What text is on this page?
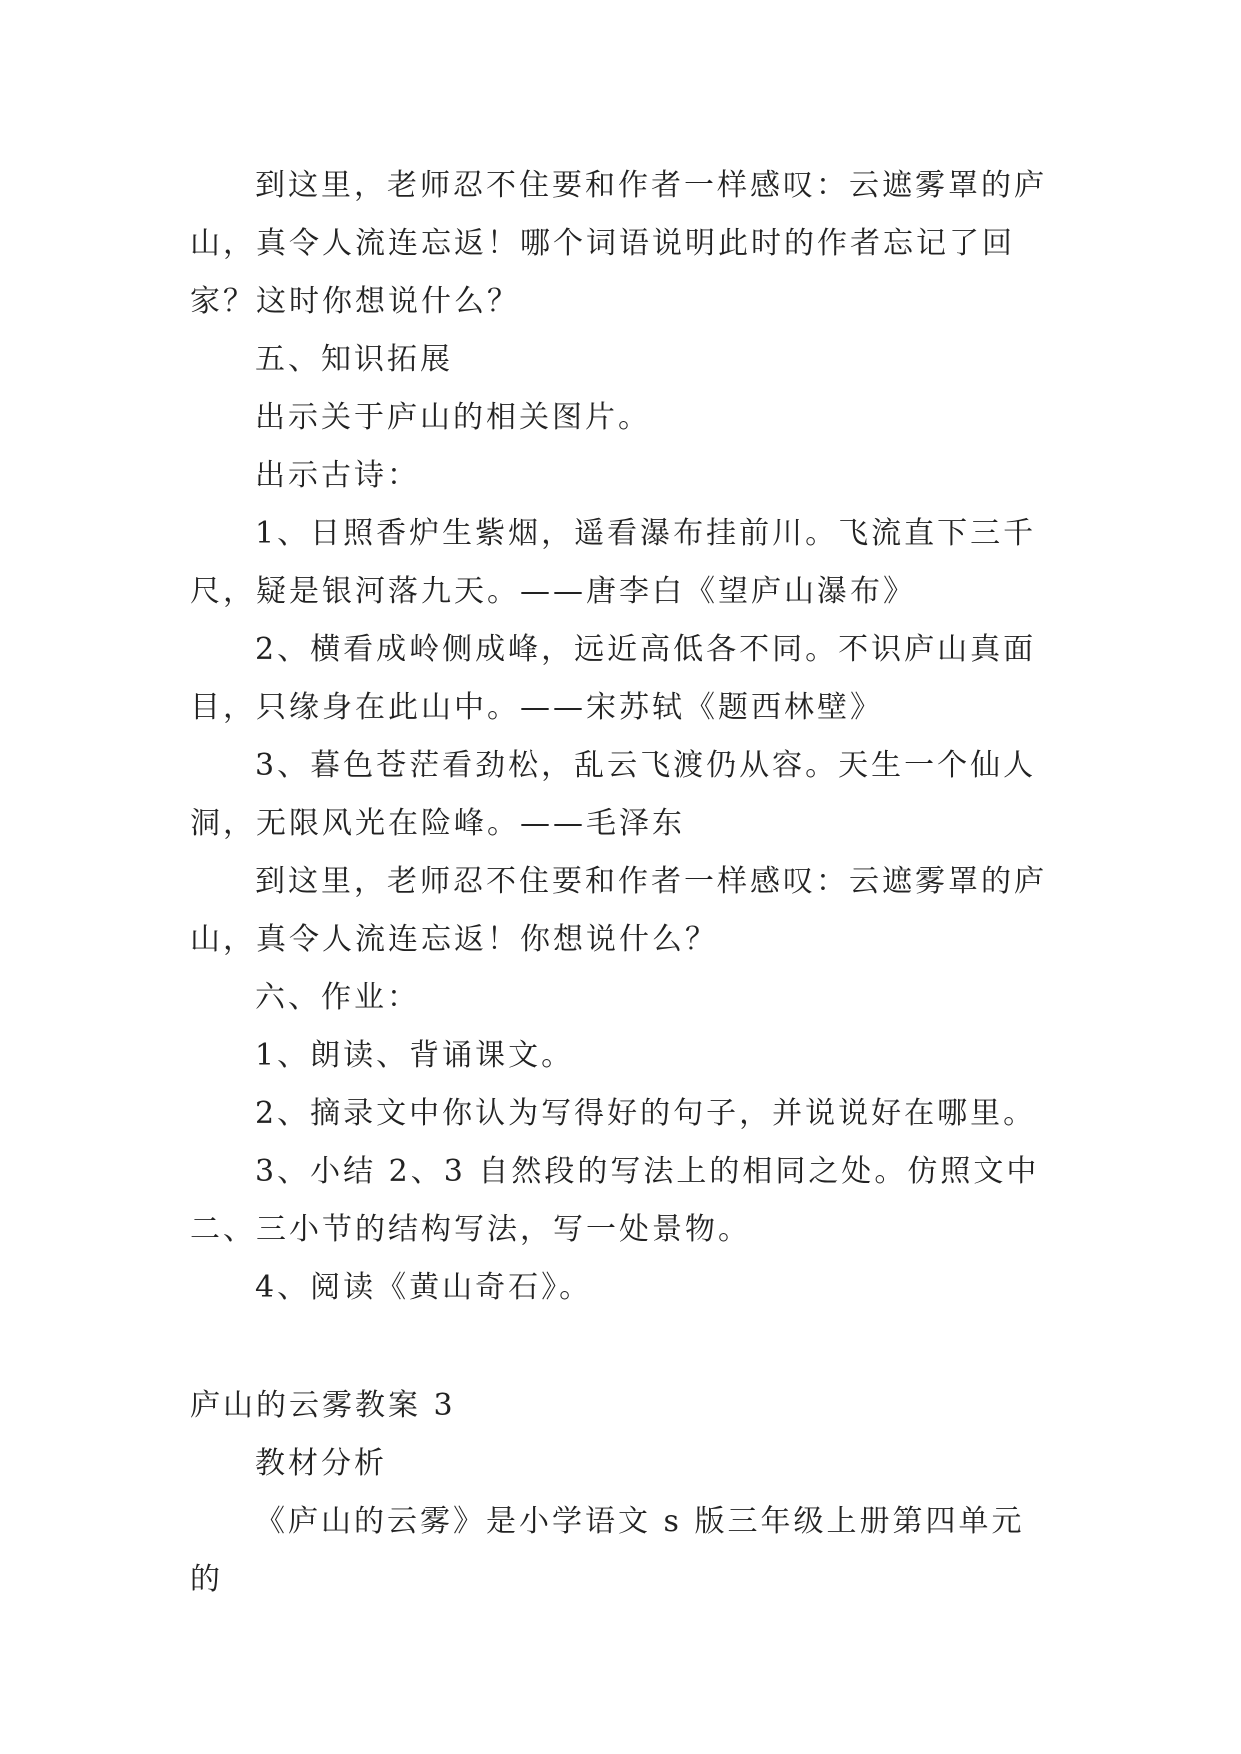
到这里，老师忍不住要和作者一样感叹：云遮雾罩的庐山，真令人流连忘返！哪个词语说明此时的作者忘记了回家？这时你想说什么？

五、知识拓展

出示关于庐山的相关图片。

出示古诗：

1、日照香炉生紫烟，遥看瀑布挂前川。飞流直下三千尺，疑是银河落九天。——唐李白《望庐山瀑布》

2、横看成岭侧成峰，远近高低各不同。不识庐山真面目，只缘身在此山中。——宋苏轼《题西林壁》

3、暮色苍茫看劲松，乱云飞渡仍从容。天生一个仙人洞，无限风光在险峰。——毛泽东

到这里，老师忍不住要和作者一样感叹：云遮雾罩的庐山，真令人流连忘返！你想说什么？

六、作业：

1、朗读、背诵课文。

2、摘录文中你认为写得好的句子，并说说好在哪里。

3、小结 2、3 自然段的写法上的相同之处。仿照文中二、三小节的结构写法，写一处景物。

4、阅读《黄山奇石》。

庐山的云雾教案 3

教材分析

《庐山的云雾》是小学语文 s 版三年级上册第四单元的
